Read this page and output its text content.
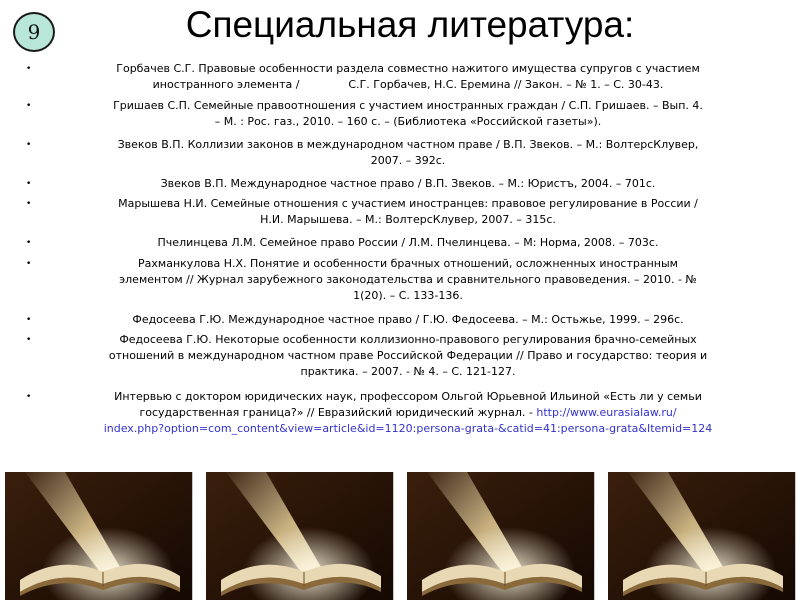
9	Специальная литература:
•	Горбачев С.Г. Правовые особенности раздела совместно нажитого имущества супругов с участием
иностранного элемента /              С.Г. Горбачев, Н.С. Еремина // Закон. – № 1. – С. 30-43.
•	Гришаев С.П. Семейные правоотношения с участием иностранных граждан / С.П. Гришаев. – Вып. 4.
– М. : Рос. газ., 2010. – 160 с. – (Библиотека «Российской газеты»).
•	Звеков В.П. Коллизии законов в международном частном праве / В.П. Звеков. – М.: ВолтерсКлувер,
2007. – 392с.
•	Звеков В.П. Международное частное право / В.П. Звеков. – М.: Юристъ, 2004. – 701с.
•	Марышева Н.И. Семейные отношения с участием иностранцев: правовое регулирование в России /
Н.И. Марышева. – М.: ВолтерсКлувер, 2007. – 315с.
•	Пчелинцева Л.М. Семейное право России / Л.М. Пчелинцева. – М: Норма, 2008. – 703с.
•	Рахманкулова Н.Х. Понятие и особенности брачных отношений, осложненных иностранным
элементом // Журнал зарубежного законодательства и сравнительного правоведения. – 2010. - №
1(20). – С. 133-136.
•	Федосеева Г.Ю. Международное частное право / Г.Ю. Федосеева. – М.: Остьжье, 1999. – 296с.
•	Федосеева Г.Ю. Некоторые особенности коллизионно-правового регулирования брачно-семейных
отношений в международном частном праве Российской Федерации // Право и государство: теория и
практика. – 2007. - № 4. – С. 121-127.
•	Интервью с доктором юридических наук, профессором Ольгой Юрьевной Ильиной «Есть ли у семьи
государственная граница?» // Евразийский юридический журнал. - http://www.eurasialaw.ru/
index.php?option=com_content&view=article&id=1120:persona-grata-&catid=41:persona-grata&Itemid=124
